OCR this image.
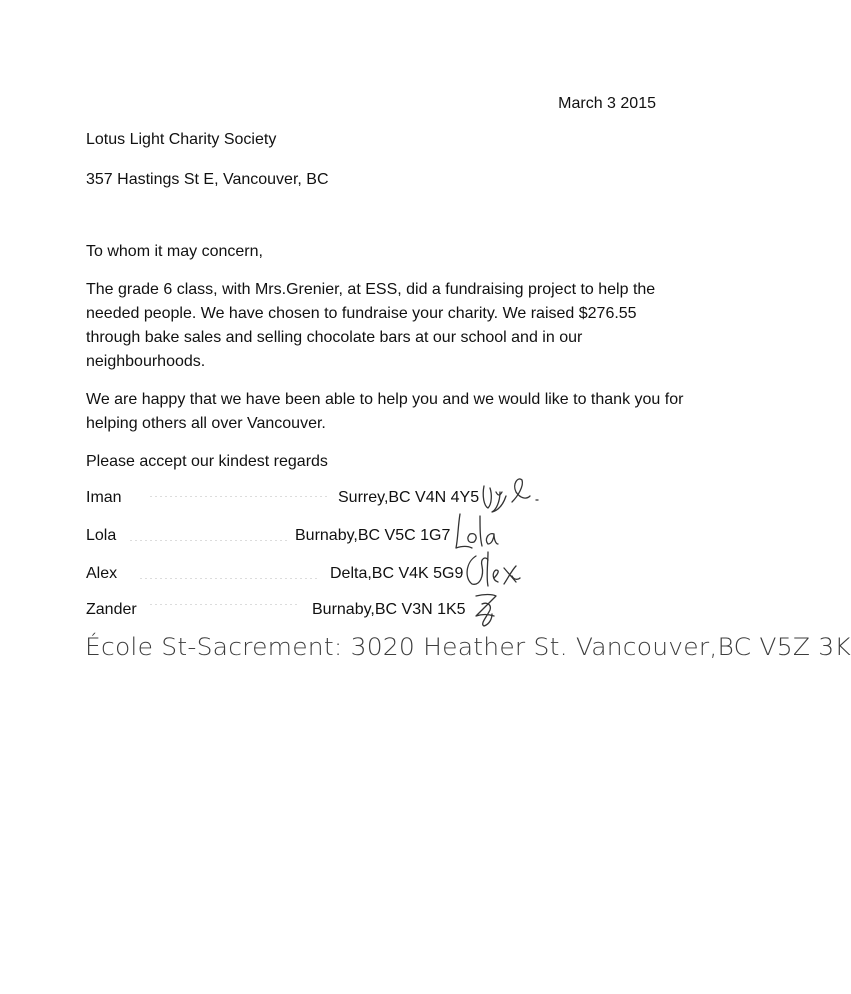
March 3 2015
Lotus Light Charity Society
357 Hastings St E, Vancouver, BC
To whom it may concern,
The grade 6 class, with Mrs.Grenier, at ESS, did a fundraising project to help the needed people. We have chosen to fundraise your charity. We raised $276.55 through bake sales and selling chocolate bars at our school and in our neighbourhoods.
We are happy that we have been able to help you and we would like to thank you for helping others all over Vancouver.
Please accept our kindest regards
Iman	Surrey,BC V4N 4Y5
Lola	Burnaby,BC V5C 1G7
Alex	Delta,BC V4K 5G9
Zander	Burnaby,BC V3N 1K5
École St-Sacrement: 3020 Heather St. Vancouver,BC V5Z 3K
